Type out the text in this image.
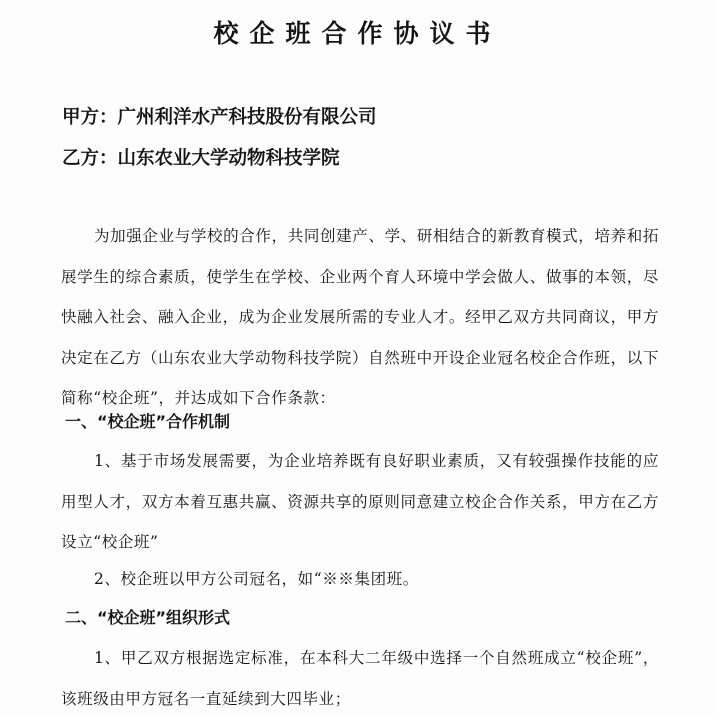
校企班合作协议书
甲方：广州利洋水产科技股份有限公司
乙方：山东农业大学动物科技学院
为加强企业与学校的合作，共同创建产、学、研相结合的新教育模式，培养和拓展学生的综合素质，使学生在学校、企业两个育人环境中学会做人、做事的本领，尽快融入社会、融入企业，成为企业发展所需的专业人才。经甲乙双方共同商议，甲方决定在乙方（山东农业大学动物科技学院）自然班中开设企业冠名校企合作班，以下简称“校企班”，并达成如下合作条款：
一、“校企班”合作机制
1、基于市场发展需要，为企业培养既有良好职业素质，又有较强操作技能的应用型人才，双方本着互惠共赢、资源共享的原则同意建立校企合作关系，甲方在乙方设立“校企班”
2、校企班以甲方公司冠名，如“※※集团班。
二、“校企班”组织形式
1、甲乙双方根据选定标准，在本科大二年级中选择一个自然班成立“校企班”，该班级由甲方冠名一直延续到大四毕业；
